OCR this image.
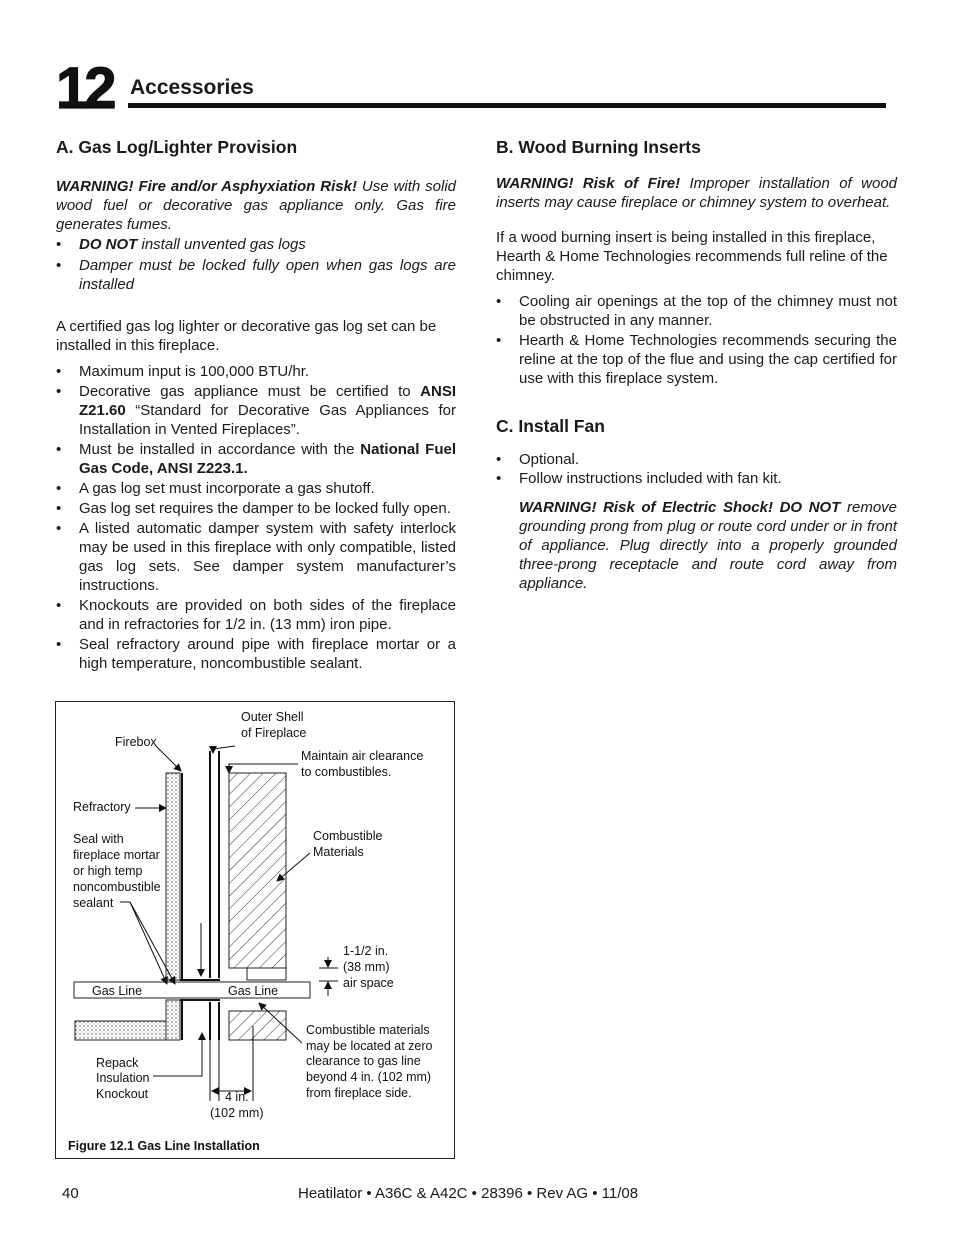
12 Accessories
A. Gas Log/Lighter Provision

WARNING! Fire and/or Asphyxiation Risk! Use with solid wood fuel or decorative gas appliance only. Gas fire generates fumes.

• DO NOT install unvented gas logs
• Damper must be locked fully open when gas logs are installed

A certified gas log lighter or decorative gas log set can be installed in this fireplace.

• Maximum input is 100,000 BTU/hr.
• Decorative gas appliance must be certified to ANSI Z21.60 “Standard for Decorative Gas Appliances for Installation in Vented Fireplaces”.
• Must be installed in accordance with the National Fuel Gas Code, ANSI Z223.1.
• A gas log set must incorporate a gas shutoff.
• Gas log set requires the damper to be locked fully open.
• A listed automatic damper system with safety interlock may be used in this fireplace with only compatible, listed gas log sets. See damper system manufacturer’s instructions.
• Knockouts are provided on both sides of the fireplace and in refractories for 1/2 in. (13 mm) iron pipe.
• Seal refractory around pipe with fireplace mortar or a high temperature, noncombustible sealant.
B. Wood Burning Inserts

WARNING! Risk of Fire! Improper installation of wood inserts may cause fireplace or chimney system to overheat.

If a wood burning insert is being installed in this fireplace, Hearth & Home Technologies recommends full reline of the chimney.

• Cooling air openings at the top of the chimney must not be obstructed in any manner.
• Hearth & Home Technologies recommends securing the reline at the top of the flue and using the cap certified for use with this fireplace system.
C. Install Fan
• Optional.
• Follow instructions included with fan kit.

WARNING! Risk of Electric Shock! DO NOT remove grounding prong from plug or route cord under or in front of appliance. Plug directly into a properly grounded three-prong receptacle and route cord away from appliance.

Firebox
Outer Shell
of Fireplace
Maintain air clearance
to combustibles.
Refractory
Seal with
fireplace mortar
or high temp
noncombustible
sealant
Combustible
Materials
1-1/2 in.
(38 mm)
air space
Gas Line	Gas Line
Combustible materials
may be located at zero
clearance to gas line
beyond 4 in. (102 mm)
from fireplace side.
Repack
Insulation
Knockout	4 in.
(102 mm)
Figure 12.1 Gas Line Installation
40	Heatilator • A36C & A42C • 28396 • Rev AG • 11/08
